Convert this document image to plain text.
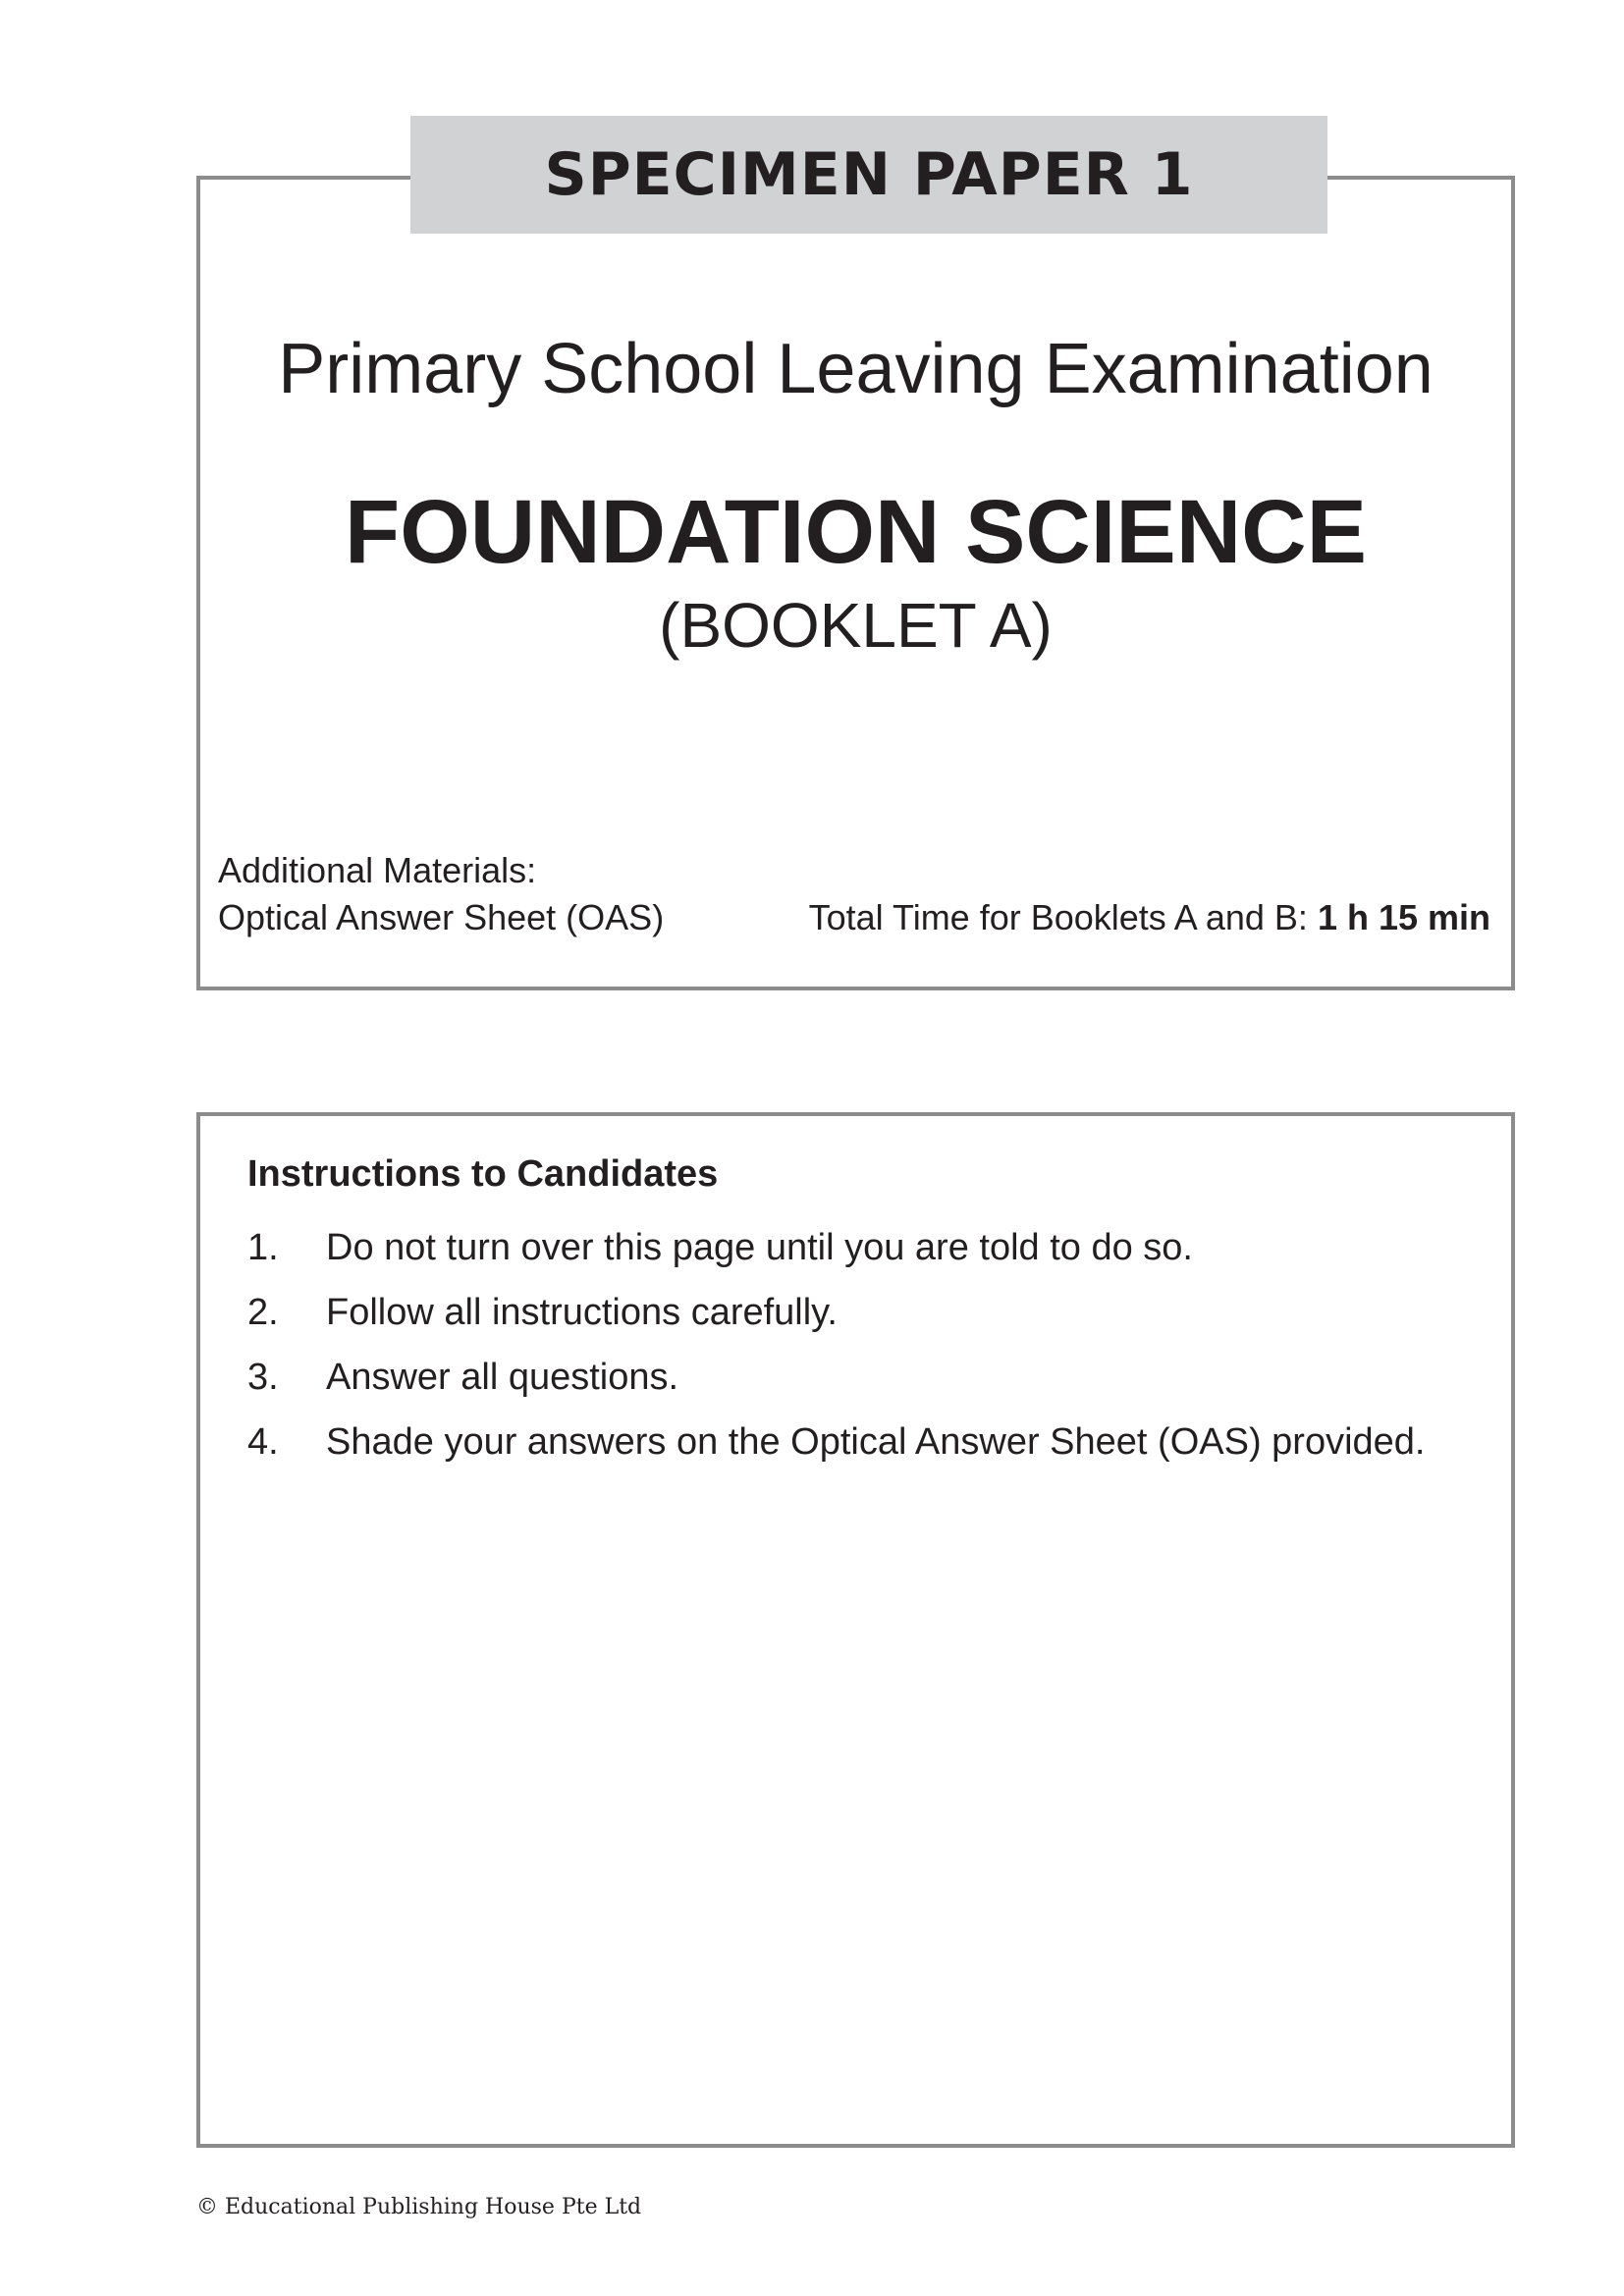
SPECIMEN PAPER 1
Primary School Leaving Examination
FOUNDATION SCIENCE
(BOOKLET A)
Additional Materials:
Optical Answer Sheet (OAS)	Total Time for Booklets A and B: 1 h 15 min
Instructions to Candidates
1.	Do not turn over this page until you are told to do so.
2.	Follow all instructions carefully.
3.	Answer all questions.
4.	Shade your answers on the Optical Answer Sheet (OAS) provided.
© Educational Publishing House Pte Ltd
